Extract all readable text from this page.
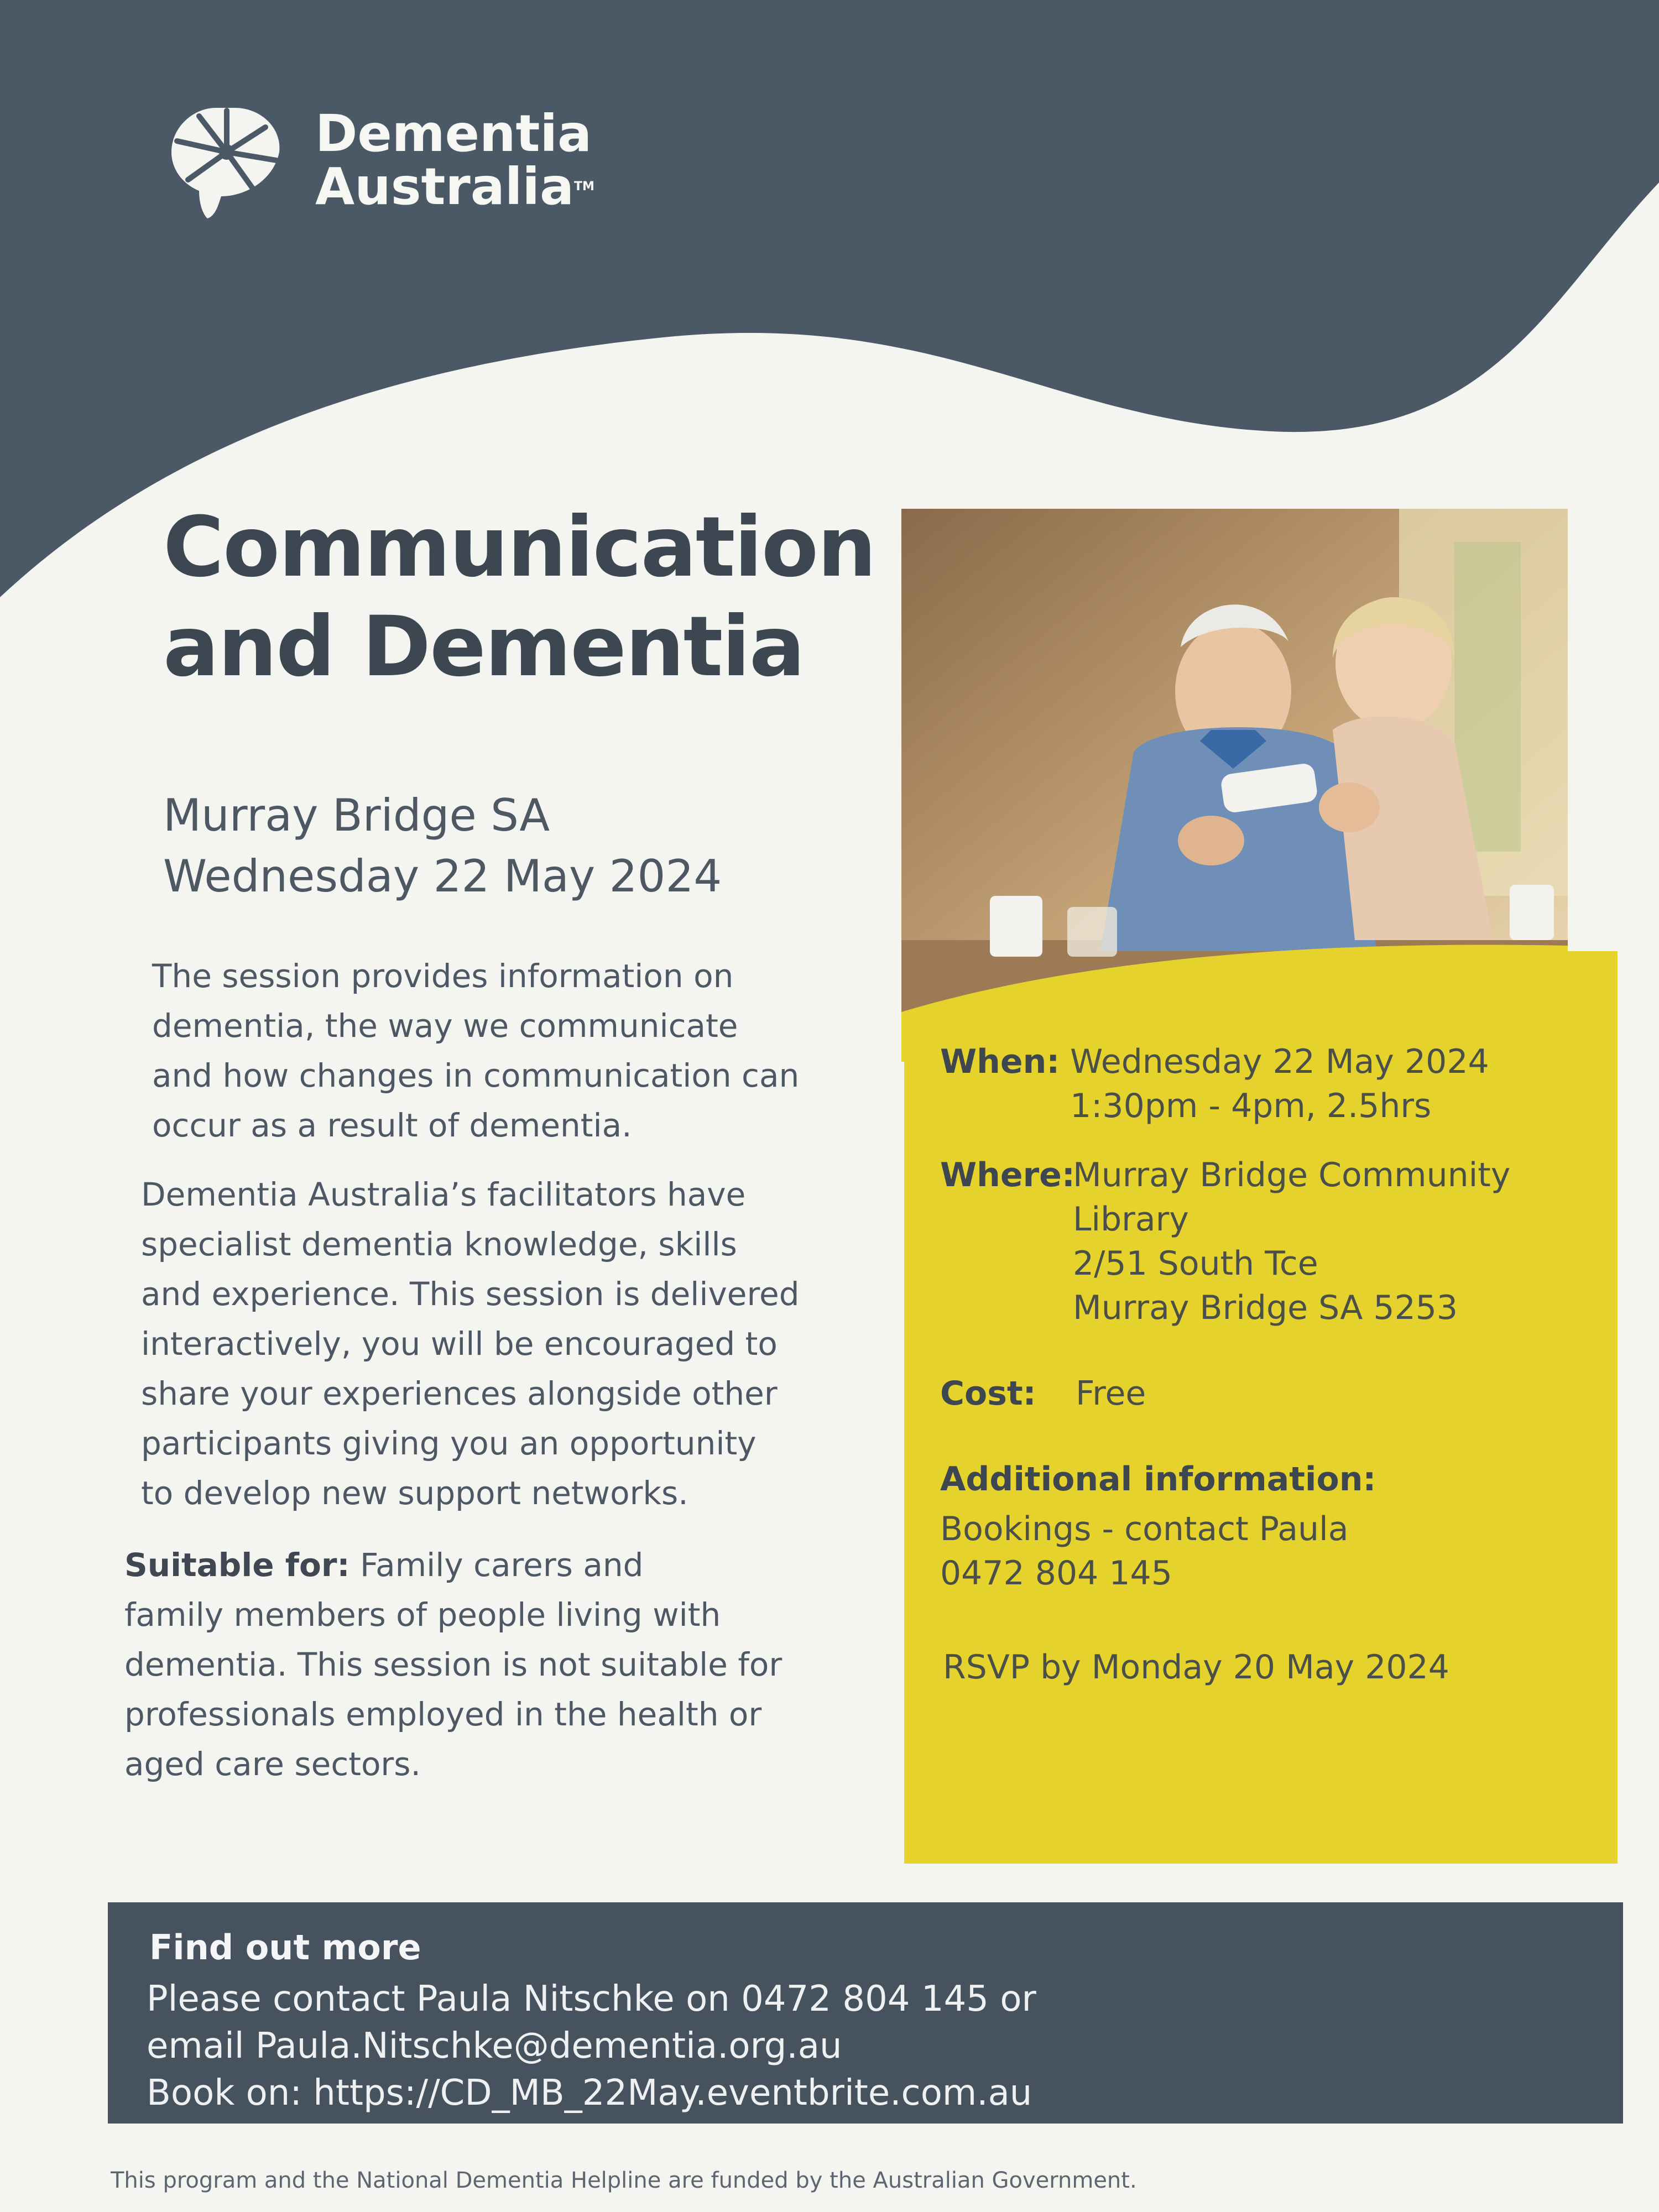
Dementia
Australia™
Communication
and Dementia
Murray Bridge SA
Wednesday 22 May 2024
The session provides information on
dementia, the way we communicate
and how changes in communication can
occur as a result of dementia.
Dementia Australia’s facilitators have
specialist dementia knowledge, skills
and experience. This session is delivered
interactively, you will be encouraged to
share your experiences alongside other
participants giving you an opportunity
to develop new support networks.
Suitable for: Family carers and
family members of people living with
dementia. This session is not suitable for
professionals employed in the health or
aged care sectors.
When: Wednesday 22 May 2024
1:30pm - 4pm, 2.5hrs
Where:
Murray Bridge Community
Library
2/51 South Tce
Murray Bridge SA 5253
Cost: Free
Additional information:
Bookings - contact Paula
0472 804 145
RSVP by Monday 20 May 2024
Find out more
Please contact Paula Nitschke on 0472 804 145 or
email Paula.Nitschke@dementia.org.au
Book on: https://CD_MB_22May.eventbrite.com.au
This program and the National Dementia Helpline are funded by the Australian Government.
